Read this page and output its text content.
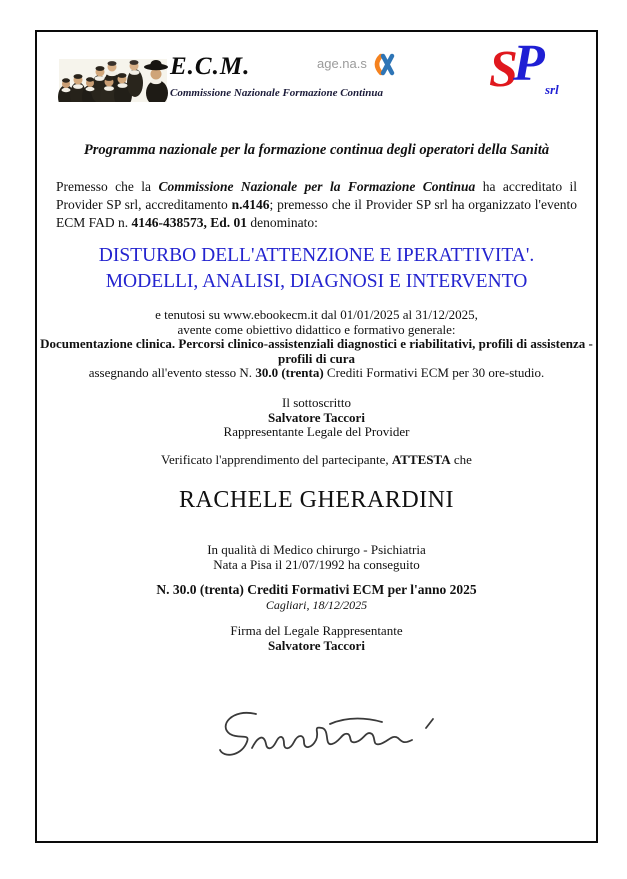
E.C.M.
Commissione Nazionale Formazione Continua
age.na.s S
P srl
Programma nazionale per la formazione continua degli operatori della Sanità

Premesso che la Commissione Nazionale per la Formazione Continua ha accreditato il Provider SP srl, accreditamento n.4146; premesso che il Provider SP srl ha organizzato l'evento ECM FAD n. 4146-438573, Ed. 01 denominato:

DISTURBO DELL'ATTENZIONE E IPERATTIVITA'.
MODELLI, ANALISI, DIAGNOSI E INTERVENTO
e tenutosi su www.ebookecm.it dal 01/01/2025 al 31/12/2025,
avente come obiettivo didattico e formativo generale:
Documentazione clinica. Percorsi clinico-assistenziali diagnostici e riabilitativi, profili di assistenza - profili di cura
assegnando all'evento stesso N. 30.0 (trenta) Crediti Formativi ECM per 30 ore-studio.
Il sottoscritto
Salvatore Taccori
Rappresentante Legale del Provider
Verificato l'apprendimento del partecipante, ATTESTA che
RACHELE GHERARDINI
In qualità di Medico chirurgo - Psichiatria
Nata a Pisa il 21/07/1992 ha conseguito
N. 30.0 (trenta) Crediti Formativi ECM per l'anno 2025
Cagliari, 18/12/2025
Firma del Legale Rappresentante
Salvatore Taccori
